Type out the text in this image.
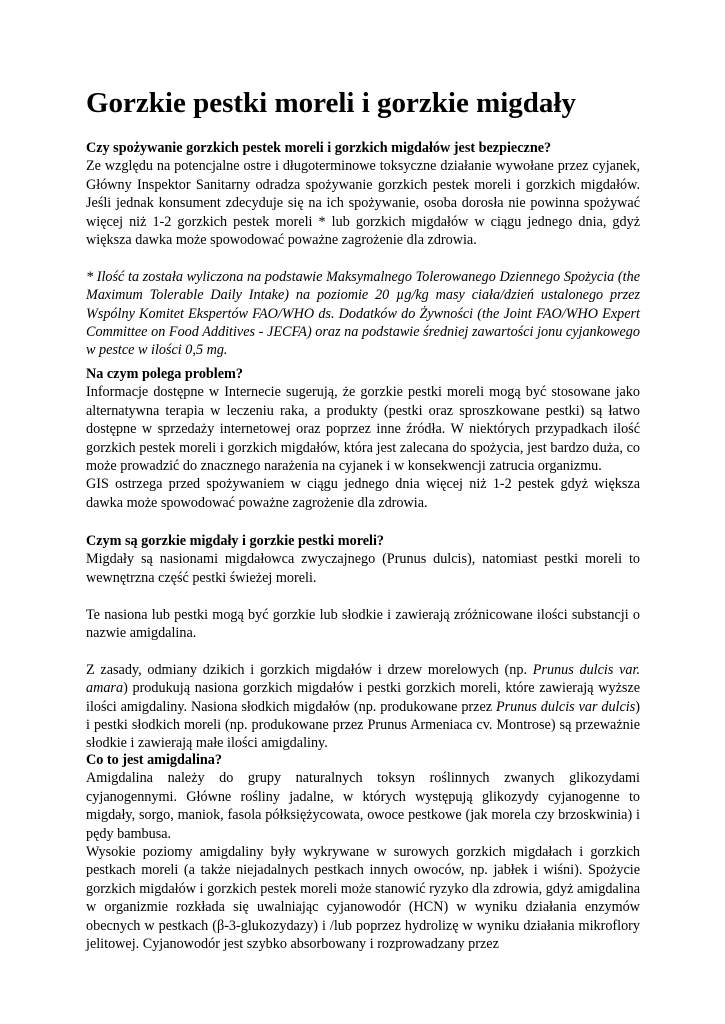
Gorzkie pestki moreli i gorzkie migdały

Czy spożywanie gorzkich pestek moreli i gorzkich migdałów jest bezpieczne?

Ze względu na potencjalne ostre i długoterminowe toksyczne działanie wywołane przez cyjanek, Główny Inspektor Sanitarny odradza spożywanie gorzkich pestek moreli i gorzkich migdałów. Jeśli jednak konsument zdecyduje się na ich spożywanie, osoba dorosła nie powinna spożywać więcej niż 1-2 gorzkich pestek moreli * lub gorzkich migdałów w ciągu jednego dnia, gdyż większa dawka może spowodować poważne zagrożenie dla zdrowia.

* Ilość ta została wyliczona na podstawie Maksymalnego Tolerowanego Dziennego Spożycia (the Maximum Tolerable Daily Intake) na poziomie 20 µg/kg masy ciała/dzień ustalonego przez Wspólny Komitet Ekspertów FAO/WHO ds. Dodatków do Żywności (the Joint FAO/WHO Expert Committee on Food Additives - JECFA) oraz na podstawie średniej zawartości jonu cyjankowego w pestce w ilości 0,5 mg.

Na czym polega problem?

Informacje dostępne w Internecie sugerują, że gorzkie pestki moreli mogą być stosowane jako alternatywna terapia w leczeniu raka, a produkty (pestki oraz sproszkowane pestki) są łatwo dostępne w sprzedaży internetowej oraz poprzez inne źródła. W niektórych przypadkach ilość gorzkich pestek moreli i gorzkich migdałów, która jest zalecana do spożycia, jest bardzo duża, co może prowadzić do znacznego narażenia na cyjanek i w konsekwencji zatrucia organizmu.

GIS ostrzega przed spożywaniem w ciągu jednego dnia więcej niż 1-2 pestek gdyż większa dawka może spowodować poważne zagrożenie dla zdrowia.

Czym są gorzkie migdały i gorzkie pestki moreli?

Migdały są nasionami migdałowca zwyczajnego (Prunus dulcis), natomiast pestki moreli to wewnętrzna część pestki świeżej moreli.

Te nasiona lub pestki mogą być gorzkie lub słodkie i zawierają zróżnicowane ilości substancji o nazwie amigdalina.

Z zasady, odmiany dzikich i gorzkich migdałów i drzew morelowych (np. Prunus dulcis var. amara) produkują nasiona gorzkich migdałów i pestki gorzkich moreli, które zawierają wyższe ilości amigdaliny. Nasiona słodkich migdałów (np. produkowane przez Prunus dulcis var dulcis) i pestki słodkich moreli (np. produkowane przez Prunus Armeniaca cv. Montrose) są przeważnie słodkie i zawierają małe ilości amigdaliny.

Co to jest amigdalina?

Amigdalina należy do grupy naturalnych toksyn roślinnych zwanych glikozydami cyjanogennymi. Główne rośliny jadalne, w których występują glikozydy cyjanogenne to migdały, sorgo, maniok, fasola półksiężycowata, owoce pestkowe (jak morela czy brzoskwinia) i pędy bambusa.

Wysokie poziomy amigdaliny były wykrywane w surowych gorzkich migdałach i gorzkich pestkach moreli (a także niejadalnych pestkach innych owoców, np. jabłek i wiśni). Spożycie gorzkich migdałów i gorzkich pestek moreli może stanowić ryzyko dla zdrowia, gdyż amigdalina w organizmie rozkłada się uwalniając cyjanowodór (HCN) w wyniku działania enzymów obecnych w pestkach (β-3-glukozydazy) i /lub poprzez hydrolizę w wyniku działania mikroflory jelitowej. Cyjanowodór jest szybko absorbowany i rozprowadzany przez
